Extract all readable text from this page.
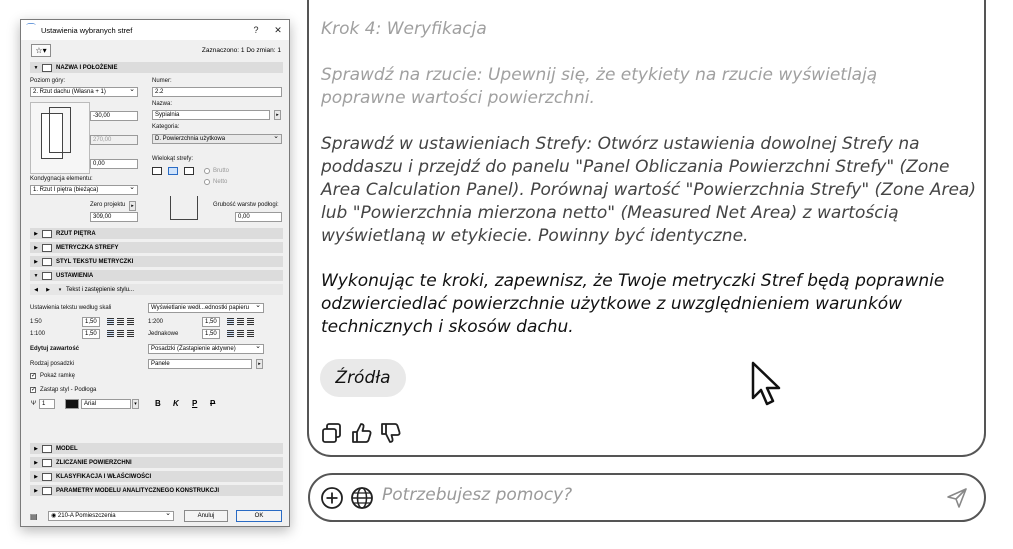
⌒ Ustawienia wybranych stref	?	✕
☆▾	Zaznaczono: 1 Do zmian: 1
▼	NAZWA I POŁOŻENIE
Poziom góry:
2. Rzut dachu (Własna + 1) ⌄
-30,00
270,00
0,00
Kondygnacja elementu:
1. Rzut I piętra (bieżąca) ⌄
Zero projektu	▸
309,00
Numer:
2.2
Nazwa:
Sypialnia	▸
Kategoria:
D. Powierzchnia użytkowa ⌄
Wielokąt strefy:
Brutto
Netto
Grubość warstw podłogi:
0,00
▶	RZUT PIĘTRA
▶	METRYCZKA STREFY
▶	STYL TEKSTU METRYCZKI
▼	USTAWIENIA
◀	▶	▾ Tekst i zastępienie stylu...
Ustawienia tekstu według skali	Wyświetlanie wedł...ednostki papieru ⌄
1:50	1,50	1:200	1,50
1:100	1,50	Jednakowe	1,50
Edytuj zawartość	Posadzki (Zastąpienie aktywne) ⌄
Rodzaj posadzki	Panele	▸
✓ Pokaż ramkę
✓ Zastąp styl - Podłoga
Ψ 1	Arial	▾ B K P P
▶	MODEL
▶	ZLICZANIE POWIERZCHNI
▶	KLASYFIKACJA I WŁAŚCIWOŚCI
▶	PARAMETRY MODELU ANALITYCZNEGO KONSTRUKCJI
▤	◉ 210-A Pomieszczenia ⌄	Anuluj	OK
Krok 4: Weryfikacja
Sprawdź na rzucie: Upewnij się, że etykiety na rzucie wyświetlają poprawne wartości powierzchni.
Sprawdź w ustawieniach Strefy: Otwórz ustawienia dowolnej Strefy na poddaszu i przejdź do panelu "Panel Obliczania Powierzchni Strefy" (Zone Area Calculation Panel). Porównaj wartość "Powierzchnia Strefy" (Zone Area) lub "Powierzchnia mierzona netto" (Measured Net Area) z wartością wyświetlaną w etykiecie. Powinny być identyczne.
Wykonując te kroki, zapewnisz, że Twoje metryczki Stref będą poprawnie odzwierciedlać powierzchnie użytkowe z uwzględnieniem warunków technicznych i skosów dachu.
Źródła
Potrzebujesz pomocy?
